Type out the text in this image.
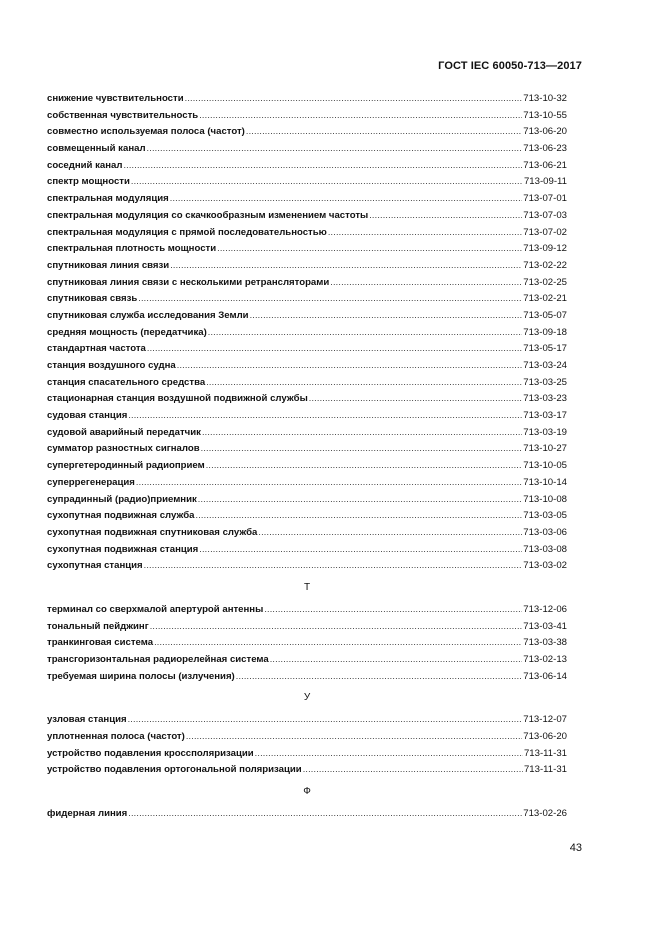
ГОСТ IEC 60050-713—2017
снижение чувствительности .....	713-10-32
собственная чувствительность .....	713-10-55
совместно используемая полоса (частот) .....	713-06-20
совмещенный канал .....	713-06-23
соседний канал .....	713-06-21
спектр мощности .....	713-09-11
спектральная модуляция .....	713-07-01
спектральная модуляция со скачкообразным изменением частоты .....	713-07-03
спектральная модуляция с прямой последовательностью .....	713-07-02
спектральная плотность мощности .....	713-09-12
спутниковая линия связи .....	713-02-22
спутниковая линия связи с несколькими ретрансляторами .....	713-02-25
спутниковая связь .....	713-02-21
спутниковая служба исследования Земли .....	713-05-07
средняя мощность (передатчика) .....	713-09-18
стандартная частота .....	713-05-17
станция воздушного судна .....	713-03-24
станция спасательного средства .....	713-03-25
стационарная станция воздушной подвижной службы .....	713-03-23
судовая станция .....	713-03-17
судовой аварийный передатчик .....	713-03-19
сумматор разностных сигналов .....	713-10-27
супергетеродинный радиоприем .....	713-10-05
суперрегенерация .....	713-10-14
супрадинный (радио)приемник .....	713-10-08
сухопутная подвижная служба .....	713-03-05
сухопутная подвижная спутниковая служба .....	713-03-06
сухопутная подвижная станция .....	713-03-08
сухопутная станция .....	713-03-02
Т
терминал со сверхмалой апертурой антенны .....	713-12-06
тональный пейджинг .....	713-03-41
транкинговая система .....	713-03-38
трансгоризонтальная радиорелейная система .....	713-02-13
требуемая ширина полосы (излучения) .....	713-06-14
У
узловая станция .....	713-12-07
уплотненная полоса (частот) .....	713-06-20
устройство подавления кроссполяризации .....	713-11-31
устройство подавления ортогональной поляризации .....	713-11-31
Ф
фидерная линия .....	713-02-26
43
